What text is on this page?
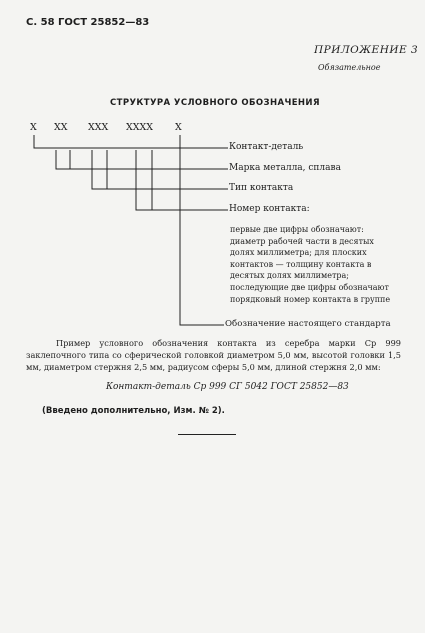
С. 58 ГОСТ 25852—83
ПРИЛОЖЕНИЕ 3
Обязательное
СТРУКТУРА УСЛОВНОГО ОБОЗНАЧЕНИЯ
X XX XXX XXXX X
Контакт-деталь
Марка металла, сплава
Тип контакта
Номер контакта:
первые две цифры обозначают: диаметр рабочей части в десятых долях миллиметра; для плоских контактов — толщину контакта в десятых долях миллиметра; последующие две цифры обозначают порядковый номер контакта в группе
Обозначение настоящего стандарта
Пример условного обозначения контакта из серебра марки Ср 999 заклепочного типа со сферической головкой диаметром 5,0 мм, высотой головки 1,5 мм, диаметром стержня 2,5 мм, радиусом сферы 5,0 мм, длиной стержня 2,0 мм:
Контакт-деталь Ср 999 СГ 5042 ГОСТ 25852—83
(Введено дополнительно, Изм. № 2).
